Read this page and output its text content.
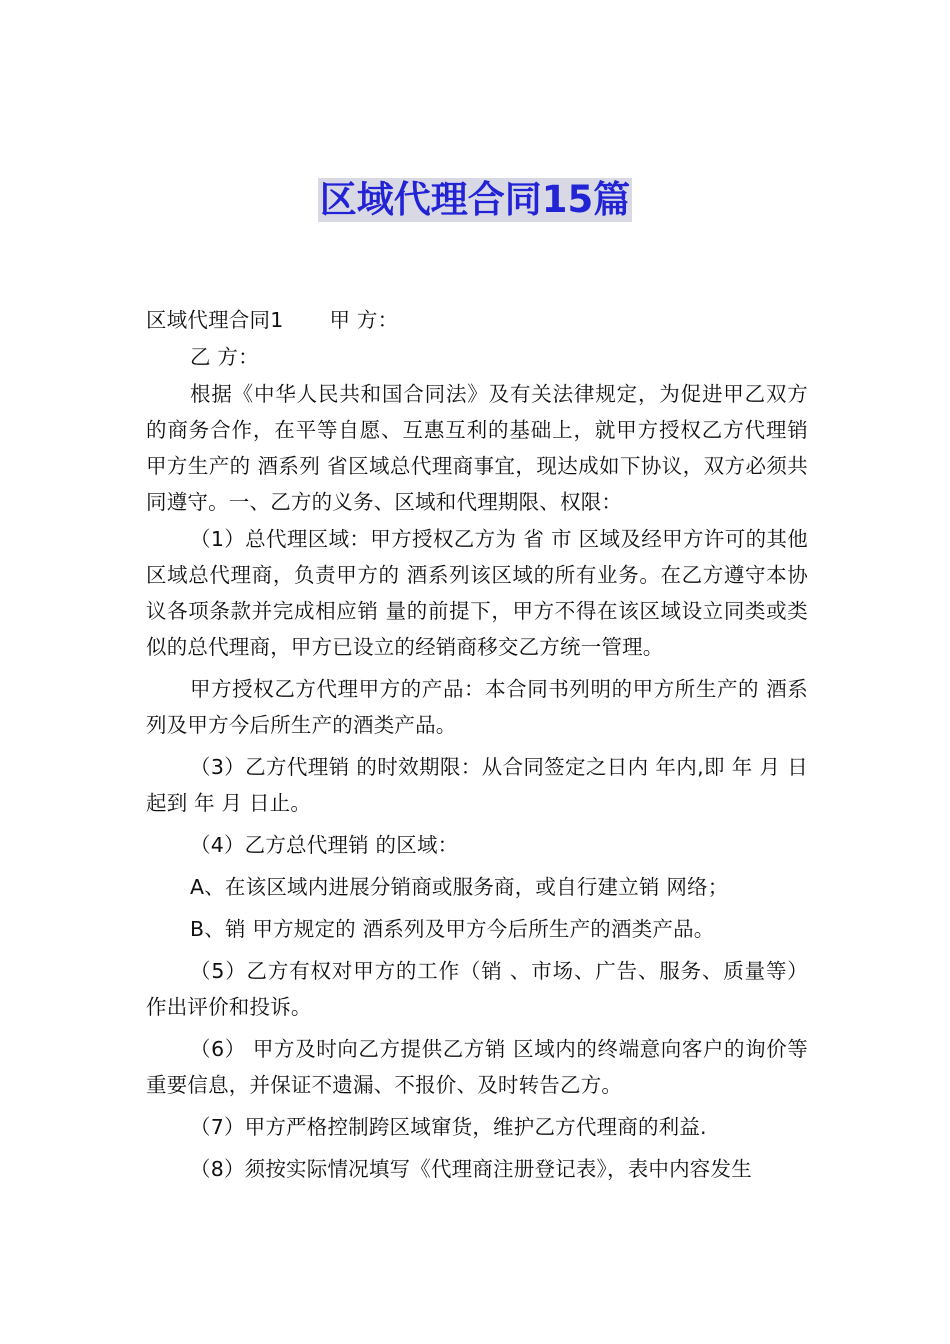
区域代理合同15篇
区域代理合同1 甲 方：

乙 方：

根据《中华人民共和国合同法》及有关法律规定，为促进甲乙双方的商务合作，在平等自愿、互惠互利的基础上，就甲方授权乙方代理销 甲方生产的 酒系列 省区域总代理商事宜，现达成如下协议，双方必须共同遵守。一、乙方的义务、区域和代理期限、权限：

（1）总代理区域：甲方授权乙方为 省 市 区域及经甲方许可的其他区域总代理商，负责甲方的 酒系列该区域的所有业务。在乙方遵守本协议各项条款并完成相应销 量的前提下，甲方不得在该区域设立同类或类似的总代理商，甲方已设立的经销商移交乙方统一管理。

甲方授权乙方代理甲方的产品：本合同书列明的甲方所生产的 酒系列及甲方今后所生产的酒类产品。

（3）乙方代理销 的时效期限：从合同签定之日内 年内,即 年 月 日起到 年 月 日止。

（4）乙方总代理销 的区域：

A、在该区域内进展分销商或服务商，或自行建立销 网络；

B、销 甲方规定的 酒系列及甲方今后所生产的酒类产品。

（5）乙方有权对甲方的工作（销 、市场、广告、服务、质量等）作出评价和投诉。

（6） 甲方及时向乙方提供乙方销 区域内的终端意向客户的询价等重要信息，并保证不遗漏、不报价、及时转告乙方。

（7）甲方严格控制跨区域窜货，维护乙方代理商的利益.

（8）须按实际情况填写《代理商注册登记表》，表中内容发生
